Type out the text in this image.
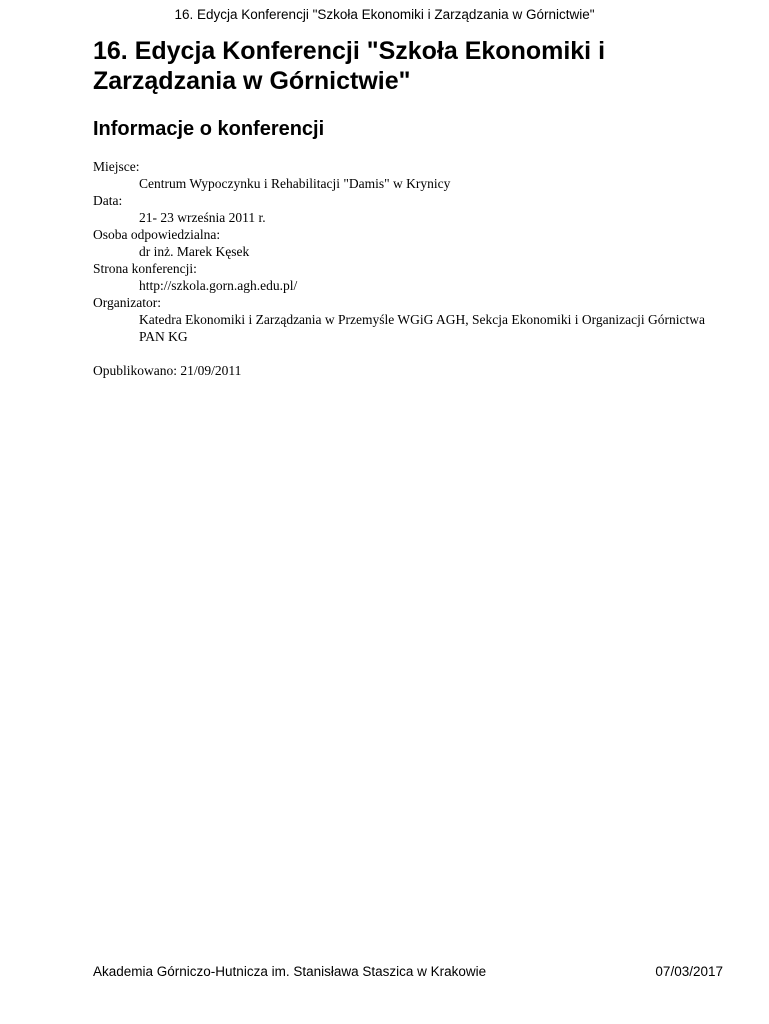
16. Edycja Konferencji "Szkoła Ekonomiki i Zarządzania w Górnictwie"
16. Edycja Konferencji "Szkoła Ekonomiki i Zarządzania w Górnictwie"
Informacje o konferencji
Miejsce:
Centrum Wypoczynku i Rehabilitacji "Damis" w Krynicy
Data:
21- 23 września 2011 r.
Osoba odpowiedzialna:
dr inż. Marek Kęsek
Strona konferencji:
http://szkola.gorn.agh.edu.pl/
Organizator:
Katedra Ekonomiki i Zarządzania w Przemyśle WGiG AGH, Sekcja Ekonomiki i Organizacji Górnictwa PAN KG
Opublikowano: 21/09/2011
Akademia Górniczo-Hutnicza im. Stanisława Staszica w Krakowie	07/03/2017
